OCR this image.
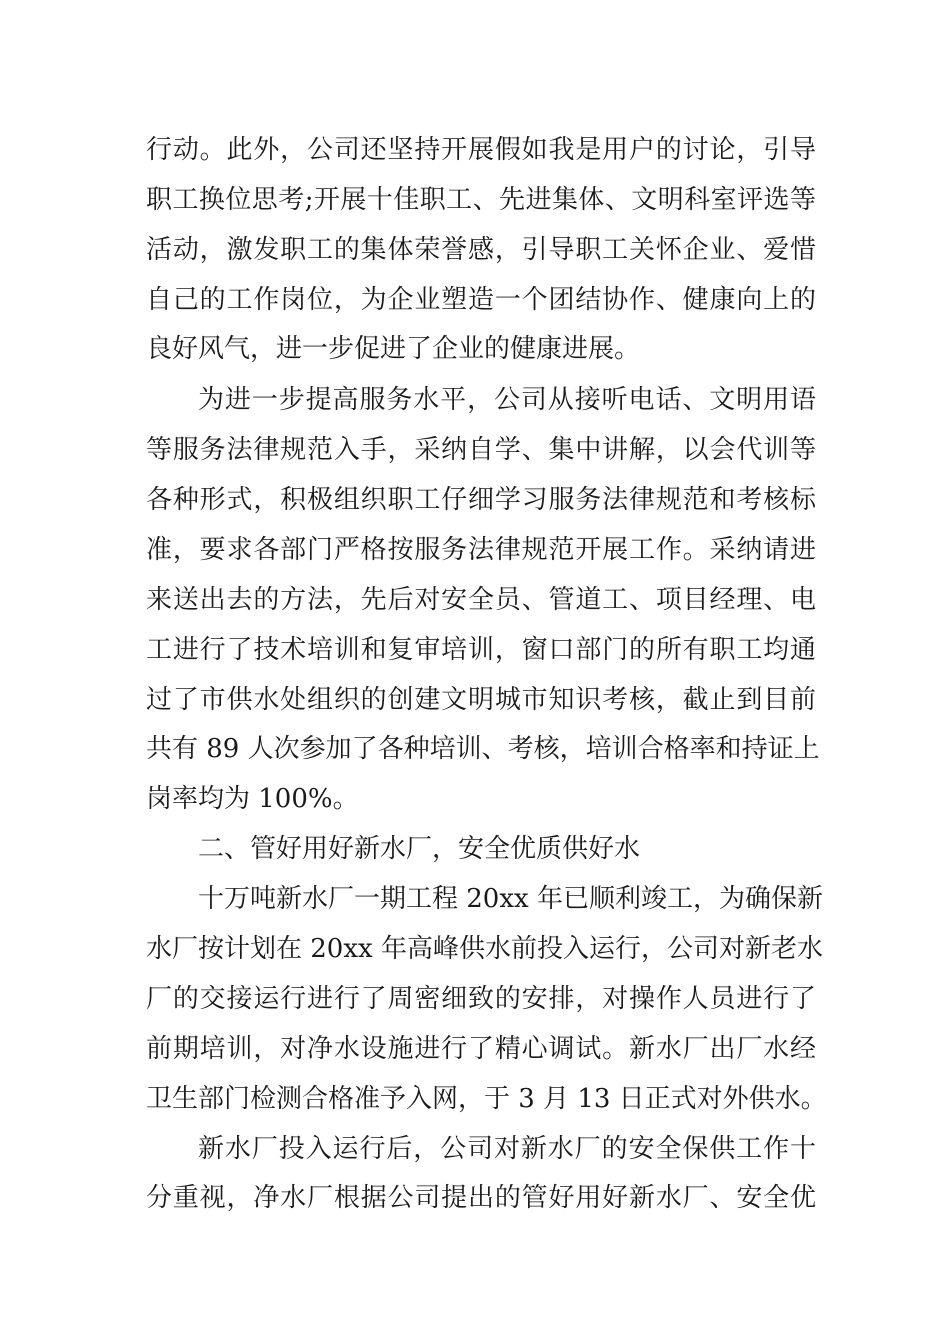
行动。此外，公司还坚持开展假如我是用户的讨论，引导
职工换位思考;开展十佳职工、先进集体、文明科室评选等
活动，激发职工的集体荣誉感，引导职工关怀企业、爱惜
自己的工作岗位，为企业塑造一个团结协作、健康向上的
良好风气，进一步促进了企业的健康进展。
为进一步提高服务水平，公司从接听电话、文明用语
等服务法律规范入手，采纳自学、集中讲解，以会代训等
各种形式，积极组织职工仔细学习服务法律规范和考核标
准，要求各部门严格按服务法律规范开展工作。采纳请进
来送出去的方法，先后对安全员、管道工、项目经理、电
工进行了技术培训和复审培训，窗口部门的所有职工均通
过了市供水处组织的创建文明城市知识考核，截止到目前
共有 89 人次参加了各种培训、考核，培训合格率和持证上
岗率均为 100%。
二、管好用好新水厂，安全优质供好水
十万吨新水厂一期工程 20xx 年已顺利竣工，为确保新
水厂按计划在 20xx 年高峰供水前投入运行，公司对新老水
厂的交接运行进行了周密细致的安排，对操作人员进行了
前期培训，对净水设施进行了精心调试。新水厂出厂水经
卫生部门检测合格准予入网，于 3 月 13 日正式对外供水。
新水厂投入运行后，公司对新水厂的安全保供工作十
分重视，净水厂根据公司提出的管好用好新水厂、安全优
